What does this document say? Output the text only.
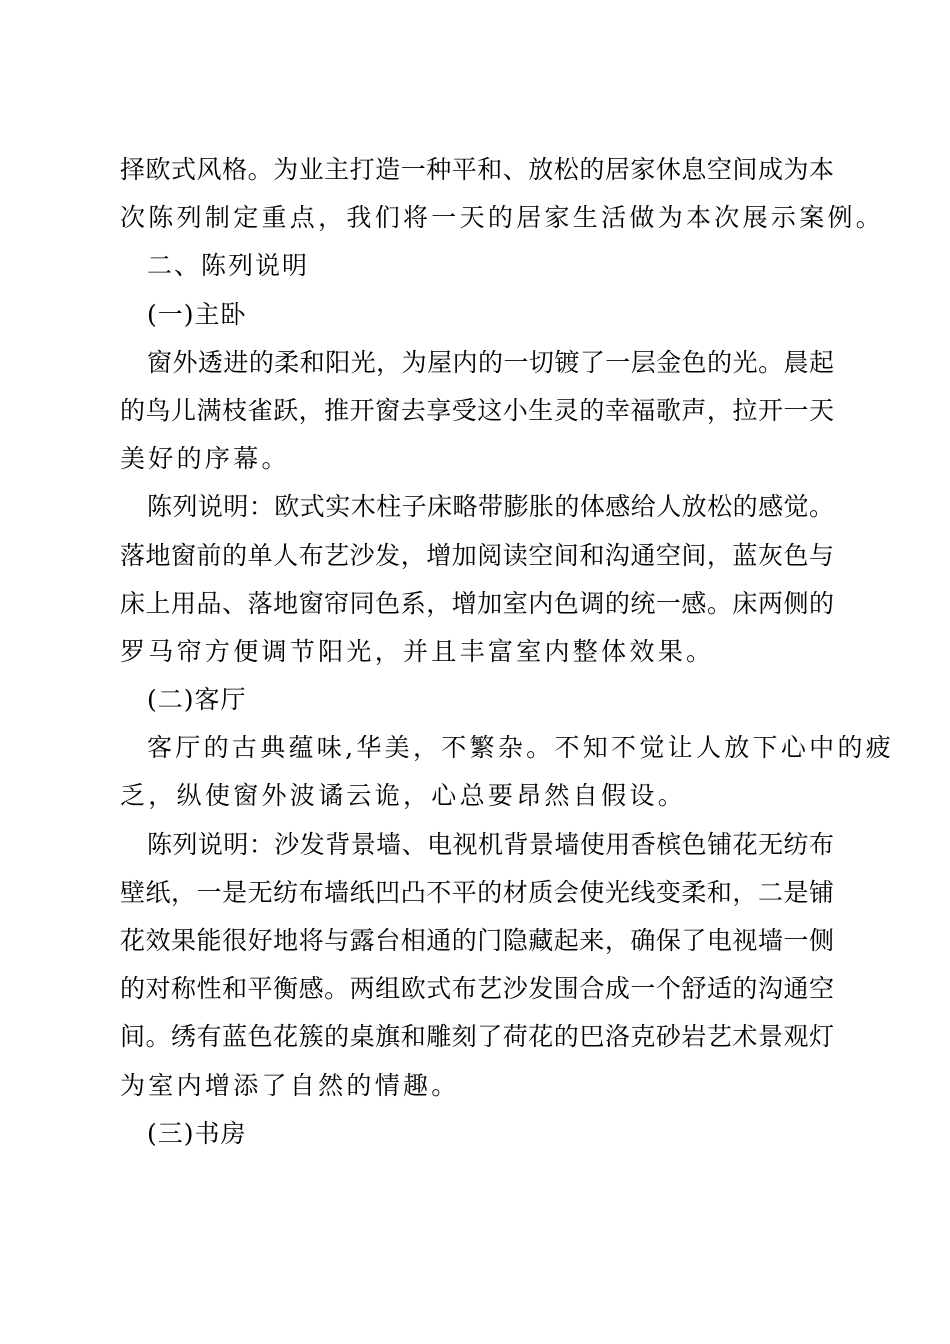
择欧式风格。为业主打造一种平和、放松的居家休息空间成为本
次陈列制定重点，我们将一天的居家生活做为本次展示案例。
二、陈列说明
(一)主卧
窗外透进的柔和阳光，为屋内的一切镀了一层金色的光。晨起
的鸟儿满枝雀跃，推开窗去享受这小生灵的幸福歌声，拉开一天
美好的序幕。
陈列说明：欧式实木柱子床略带膨胀的体感给人放松的感觉。
落地窗前的单人布艺沙发，增加阅读空间和沟通空间，蓝灰色与
床上用品、落地窗帘同色系，增加室内色调的统一感。床两侧的
罗马帘方便调节阳光，并且丰富室内整体效果。
(二)客厅
客厅的古典蕴味,华美，不繁杂。不知不觉让人放下心中的疲
乏，纵使窗外波谲云诡，心总要昂然自假设。
陈列说明：沙发背景墙、电视机背景墙使用香槟色铺花无纺布
壁纸，一是无纺布墙纸凹凸不平的材质会使光线变柔和，二是铺
花效果能很好地将与露台相通的门隐藏起来，确保了电视墙一侧
的对称性和平衡感。两组欧式布艺沙发围合成一个舒适的沟通空
间。绣有蓝色花簇的桌旗和雕刻了荷花的巴洛克砂岩艺术景观灯
为室内增添了自然的情趣。
(三)书房
